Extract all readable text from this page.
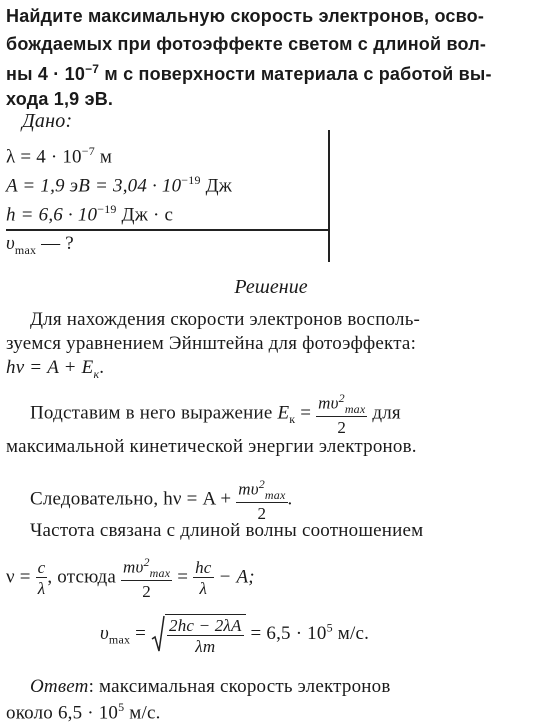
Найдите максимальную скорость электронов, осво-
бождаемых при фотоэффекте светом с длиной вол-
ны $4 \cdot 10^{-7}$ м с поверхности материала с работой вы-
хода 1,9 эВ.
Дано:
$\lambda = 4 \cdot 10^{-7}$ м
A = 1,9 эВ = $3,04 \cdot 10^{-19}$ Дж
$h = 6,6 \cdot 10^{-19}$ Дж · с
$\upsilon_{max}$ — ?
Решение
Для нахождения скорости электронов восполь-
зуемся уравнением Эйнштейна для фотоэффекта:
$h\nu = A + E_к$.
Подставим в него выражение $E_к = \frac{m\upsilon^2_{max}}{2}$ для
максимальной кинетической энергии электронов.
Следовательно, $h\nu = A + \frac{m\upsilon^2_{max}}{2}$ .
Частота связана с длиной волны соотношением
$\nu = \frac{c}{\lambda}$ , отсюда $\frac{m\upsilon^2_{max}}{2} = \frac{hc}{\lambda} - A$;
$\upsilon_{max} = \frac{2hc - 2\lambda A}{\lambda m} = 6,5 \cdot 10^5$ м/с.
Ответ: максимальная скорость электронов
около $6,5 \cdot 10^5$ м/с.
